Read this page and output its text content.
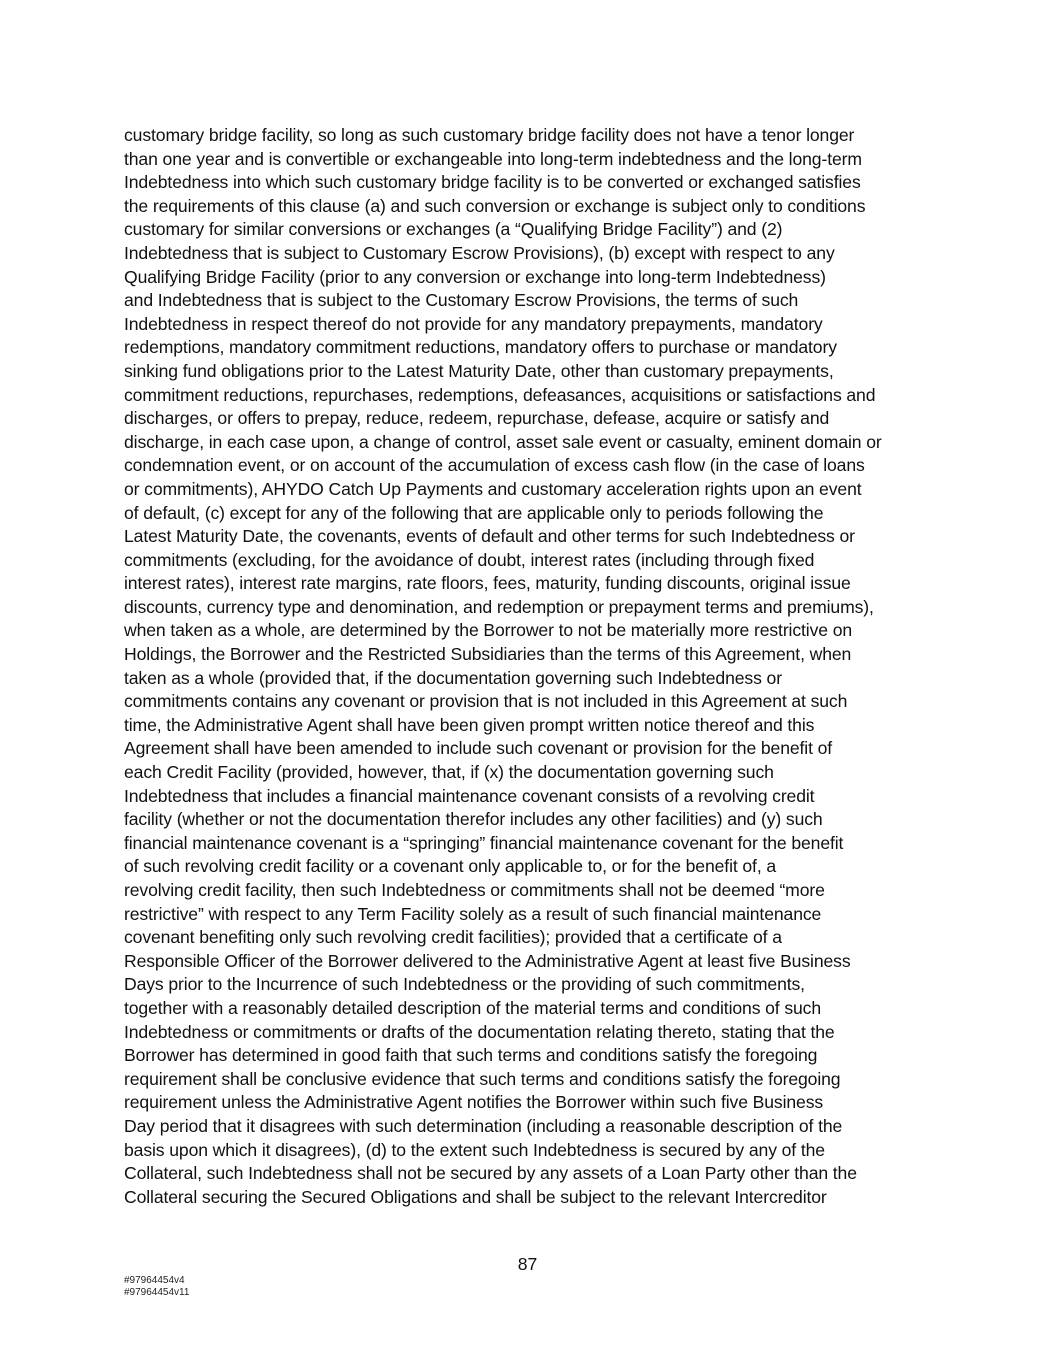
customary bridge facility, so long as such customary bridge facility does not have a tenor longer
than one year and is convertible or exchangeable into long-term indebtedness and the long-term
Indebtedness into which such customary bridge facility is to be converted or exchanged satisfies
the requirements of this clause (a) and such conversion or exchange is subject only to conditions
customary for similar conversions or exchanges (a “Qualifying Bridge Facility”) and (2)
Indebtedness that is subject to Customary Escrow Provisions), (b) except with respect to any
Qualifying Bridge Facility (prior to any conversion or exchange into long-term Indebtedness)
and Indebtedness that is subject to the Customary Escrow Provisions, the terms of such
Indebtedness in respect thereof do not provide for any mandatory prepayments, mandatory
redemptions, mandatory commitment reductions, mandatory offers to purchase or mandatory
sinking fund obligations prior to the Latest Maturity Date, other than customary prepayments,
commitment reductions, repurchases, redemptions, defeasances, acquisitions or satisfactions and
discharges, or offers to prepay, reduce, redeem, repurchase, defease, acquire or satisfy and
discharge, in each case upon, a change of control, asset sale event or casualty, eminent domain or
condemnation event, or on account of the accumulation of excess cash flow (in the case of loans
or commitments), AHYDO Catch Up Payments and customary acceleration rights upon an event
of default, (c) except for any of the following that are applicable only to periods following the
Latest Maturity Date, the covenants, events of default and other terms for such Indebtedness or
commitments (excluding, for the avoidance of doubt, interest rates (including through fixed
interest rates), interest rate margins, rate floors, fees, maturity, funding discounts, original issue
discounts, currency type and denomination, and redemption or prepayment terms and premiums),
when taken as a whole, are determined by the Borrower to not be materially more restrictive on
Holdings, the Borrower and the Restricted Subsidiaries than the terms of this Agreement, when
taken as a whole (provided that, if the documentation governing such Indebtedness or
commitments contains any covenant or provision that is not included in this Agreement at such
time, the Administrative Agent shall have been given prompt written notice thereof and this
Agreement shall have been amended to include such covenant or provision for the benefit of
each Credit Facility (provided, however, that, if (x) the documentation governing such
Indebtedness that includes a financial maintenance covenant consists of a revolving credit
facility (whether or not the documentation therefor includes any other facilities) and (y) such
financial maintenance covenant is a “springing” financial maintenance covenant for the benefit
of such revolving credit facility or a covenant only applicable to, or for the benefit of, a
revolving credit facility, then such Indebtedness or commitments shall not be deemed “more
restrictive” with respect to any Term Facility solely as a result of such financial maintenance
covenant benefiting only such revolving credit facilities); provided that a certificate of a
Responsible Officer of the Borrower delivered to the Administrative Agent at least five Business
Days prior to the Incurrence of such Indebtedness or the providing of such commitments,
together with a reasonably detailed description of the material terms and conditions of such
Indebtedness or commitments or drafts of the documentation relating thereto, stating that the
Borrower has determined in good faith that such terms and conditions satisfy the foregoing
requirement shall be conclusive evidence that such terms and conditions satisfy the foregoing
requirement unless the Administrative Agent notifies the Borrower within such five Business
Day period that it disagrees with such determination (including a reasonable description of the
basis upon which it disagrees), (d) to the extent such Indebtedness is secured by any of the
Collateral, such Indebtedness shall not be secured by any assets of a Loan Party other than the
Collateral securing the Secured Obligations and shall be subject to the relevant Intercreditor
87
#97964454v4
#97964454v11
